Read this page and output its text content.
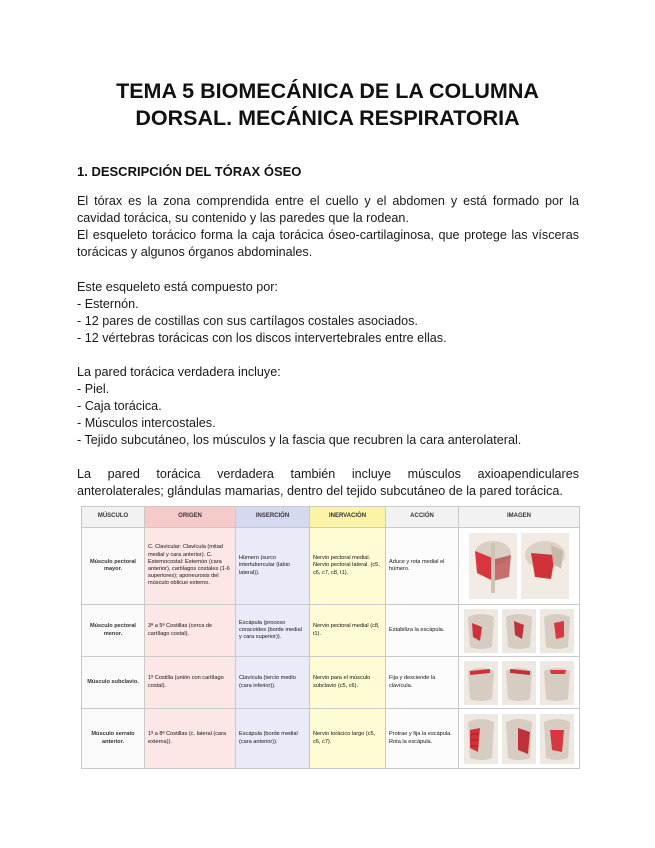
TEMA 5 BIOMECÁNICA DE LA COLUMNA
DORSAL. MECÁNICA RESPIRATORIA
1. DESCRIPCIÓN DEL TÓRAX ÓSEO
El tórax es la zona comprendida entre el cuello y el abdomen y está formado por la
cavidad torácica, su contenido y las paredes que la rodean.
El esqueleto torácico forma la caja torácica óseo-cartilaginosa, que protege las vísceras
torácicas y algunos órganos abdominales.
Este esqueleto está compuesto por:
- Esternón.
- 12 pares de costillas con sus cartílagos costales asociados.
- 12 vértebras torácicas con los discos intervertebrales entre ellas.
La pared torácica verdadera incluye:
- Piel.
- Caja torácica.
- Músculos intercostales.
- Tejido subcutáneo, los músculos y la fascia que recubren la cara anterolateral.
La pared torácica verdadera también incluye músculos axioapendiculares
anterolaterales; glándulas mamarias, dentro del tejido subcutáneo de la pared torácica.
MÚSCULO	ORIGEN	INSERCIÓN	INERVACIÓN	ACCIÓN	IMAGEN
Músculo pectoral mayor.	C. Clavicular: Clavícula (mitad medial y cara anterior). C. Esternocostal: Esternón (cara anterior), cartílagos costales (1-6 superiores); aponeurosis del músculo oblicuo externo.	Húmero (surco intertubercular (labio lateral)).	Nervio pectoral medial. Nervio pectoral lateral. (c5, c6, c7, c8, t1).	Aduce y rota medial el húmero.	

Músculo pectoral menor.	3ª a 5ª Costillas (cerca de cartílago costal).	Escápula (proceso coracoides (borde medial y cara superior)).	Nervio pectoral medial (c8, t1).	Estabiliza la escápula.	

Músculo subclavio.	1ª Costilla (unión con cartílago costal).	Clavícula (tercio medio (cara inferior)).	Nervio para el músculo subclavio (c5, c6).	Fija y desciende la clavícula.	

Músculo serrato anterior.	1ª a 8ª Costillas (c. lateral (cara externa)).	Escápula (borde medial (cara anterior)).	Nervio torácico largo (c5, c6, c7).	Protrae y fija la escápula. Rota la escápula.	
